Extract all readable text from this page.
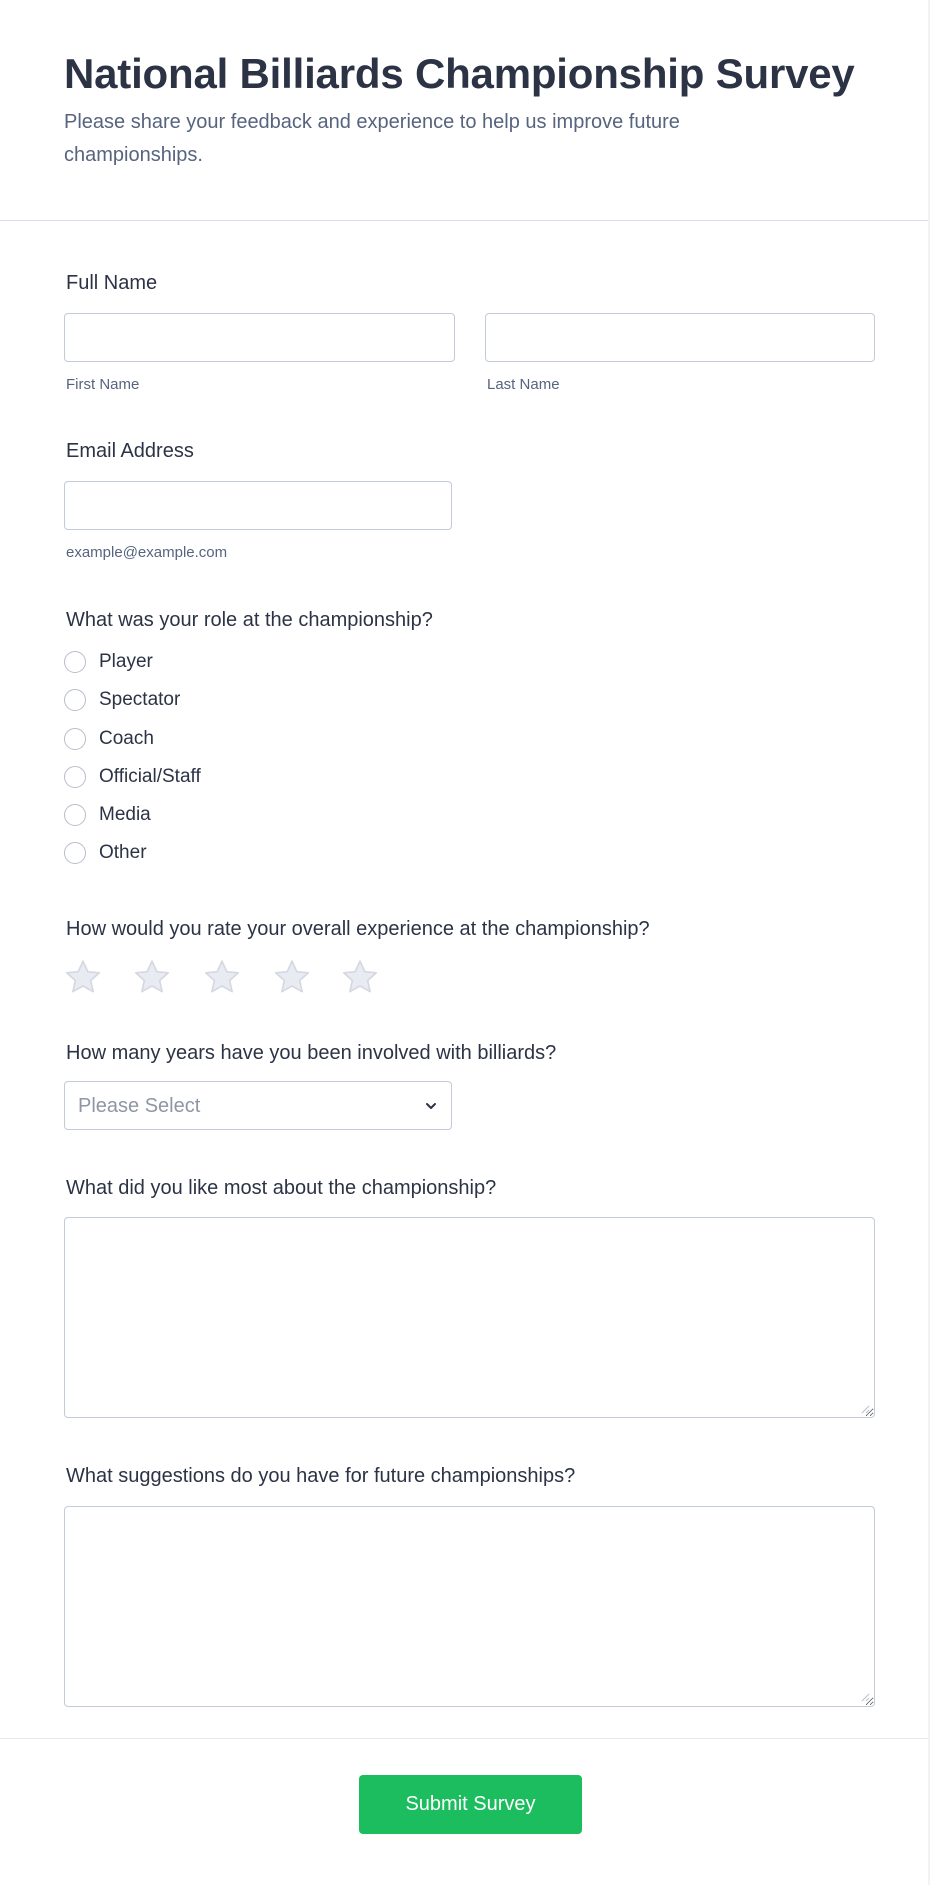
National Billiards Championship Survey

Please share your feedback and experience to help us improve future championships.

Full Name
First Name	Last Name
Email Address
example@example.com
What was your role at the championship?
Player
Spectator
Coach
Official/Staff
Media
Other
How would you rate your overall experience at the championship?
How many years have you been involved with billiards?
Please Select
What did you like most about the championship?
What suggestions do you have for future championships?
Submit Survey
